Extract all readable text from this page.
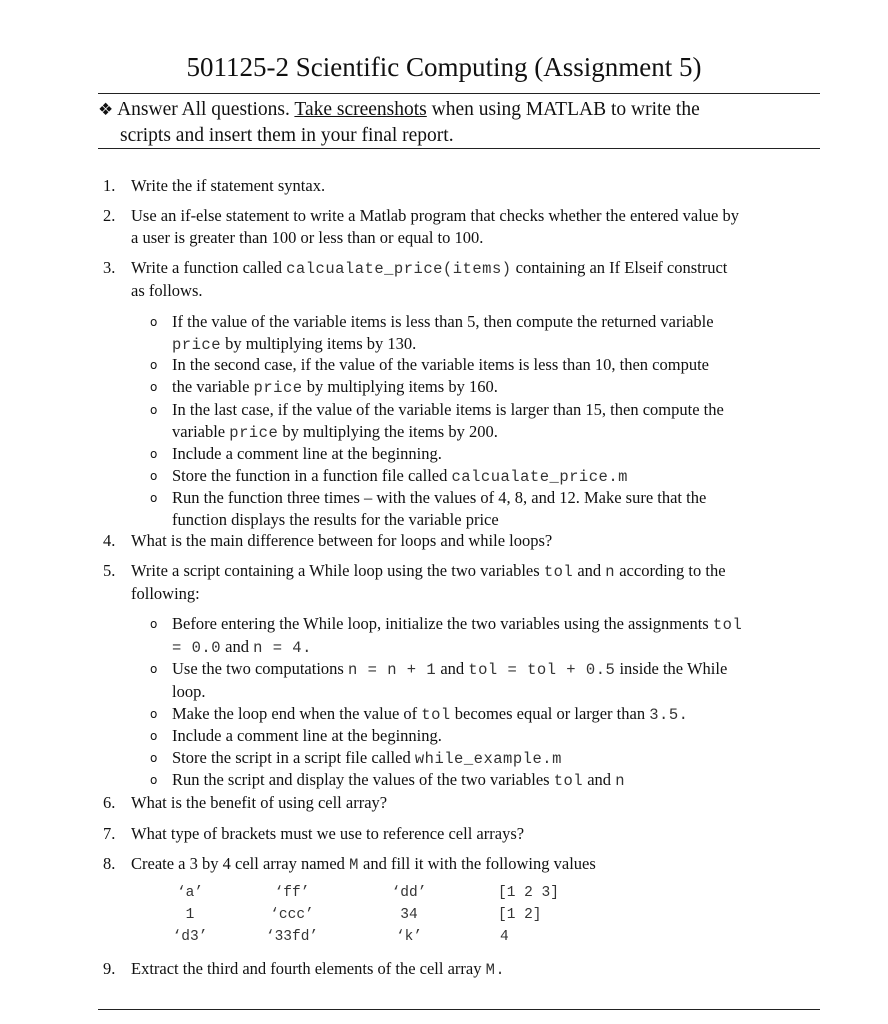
501125-2 Scientific Computing (Assignment 5)
❖ Answer All questions. Take screenshots when using MATLAB to write the
scripts and insert them in your final report.
1. Write the if statement syntax.
2. Use an if-else statement to write a Matlab program that checks whether the entered value by
a user is greater than 100 or less than or equal to 100.
3. Write a function called calcualate_price(items) containing an If Elseif construct
as follows.
o If the value of the variable items is less than 5, then compute the returned variable
price by multiplying items by 130.
o In the second case, if the value of the variable items is less than 10, then compute
o the variable price by multiplying items by 160.
o In the last case, if the value of the variable items is larger than 15, then compute the
variable price by multiplying the items by 200.
o Include a comment line at the beginning.
o Store the function in a function file called calcualate_price.m
o Run the function three times – with the values of 4, 8, and 12. Make sure that the
function displays the results for the variable price
4. What is the main difference between for loops and while loops?
5. Write a script containing a While loop using the two variables tol and n according to the
following:
o Before entering the While loop, initialize the two variables using the assignments tol
= 0.0 and n = 4.
o Use the two computations n = n + 1 and tol = tol + 0.5 inside the While
loop.
o Make the loop end when the value of tol becomes equal or larger than 3.5.
o Include a comment line at the beginning.
o Store the script in a script file called while_example.m
o Run the script and display the values of the two variables tol and n
6. What is the benefit of using cell array?
7. What type of brackets must we use to reference cell arrays?
8. Create a 3 by 4 cell array named M and fill it with the following values
‘a’	‘ff’	‘dd’	[1 2 3]
1	‘ccc’	34	[1 2]
‘d3’	‘33fd’	‘k’	4
9. Extract the third and fourth elements of the cell array M.
